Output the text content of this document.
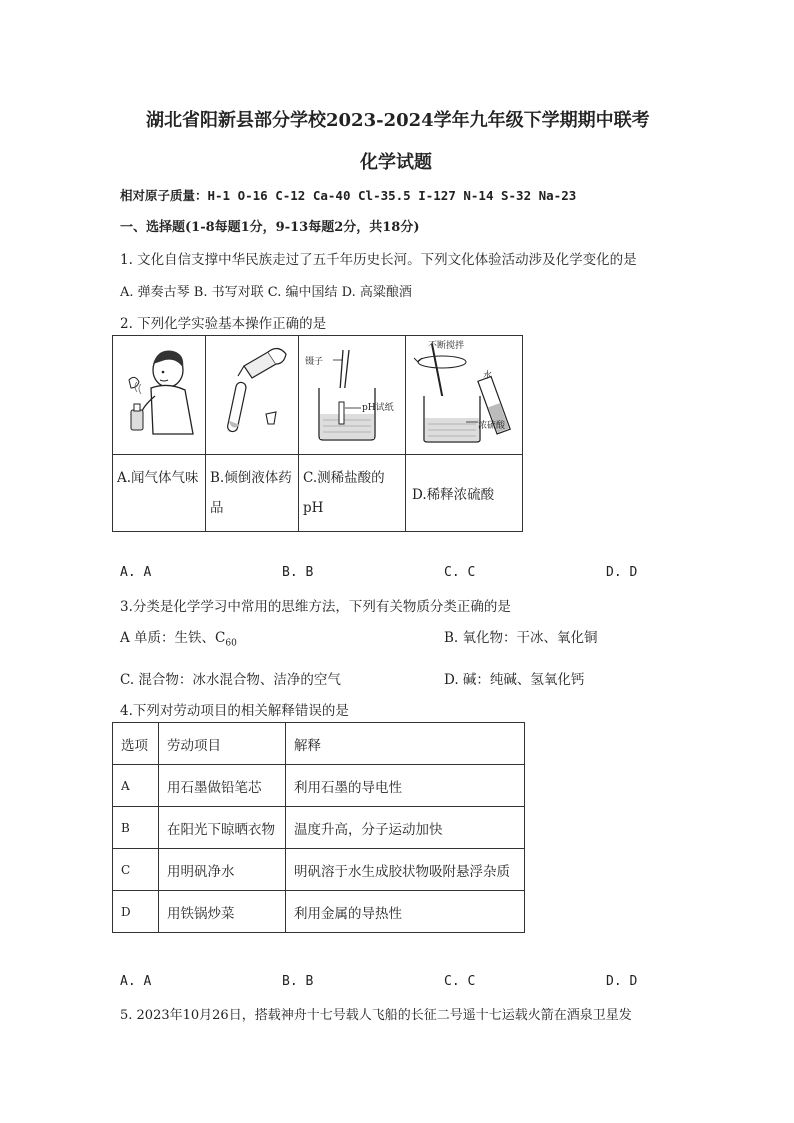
湖北省阳新县部分学校2023-2024学年九年级下学期期中联考
化学试题
相对原子质量：H-1 O-16 C-12 Ca-40 Cl-35.5 I-127 N-14 S-32 Na-23
一、选择题(1-8每题1分，9-13每题2分，共18分)
1. 文化自信支撑中华民族走过了五千年历史长河。下列文化体验活动涉及化学变化的是
A. 弹奏古琴 B. 书写对联 C. 编中国结 D. 高粱酿酒
2. 下列化学实验基本操作正确的是

镊子
pH试纸	不断搅拌
水
浓硫酸

A.闻气体气味	B.倾倒液体药品	C.测稀盐酸的pH	D.稀释浓硫酸
A. A	B. B	C. C	D. D
3.分类是化学学习中常用的思维方法，下列有关物质分类正确的是
A 单质：生铁、$C_{60}$	B. 氧化物：干冰、氧化铜
C. 混合物：冰水混合物、洁净的空气	D. 碱：纯碱、氢氧化钙
4.下列对劳动项目的相关解释错误的是
选项	劳动项目	解释
A	用石墨做铅笔芯	利用石墨的导电性
B	在阳光下晾晒衣物	温度升高，分子运动加快
C	用明矾净水	明矾溶于水生成胶状物吸附悬浮杂质
D	用铁锅炒菜	利用金属的导热性
A. A	B. B	C. C	D. D
5. 2023年10月26日，搭载神舟十七号载人飞船的长征二号遥十七运载火箭在酒泉卫星发
